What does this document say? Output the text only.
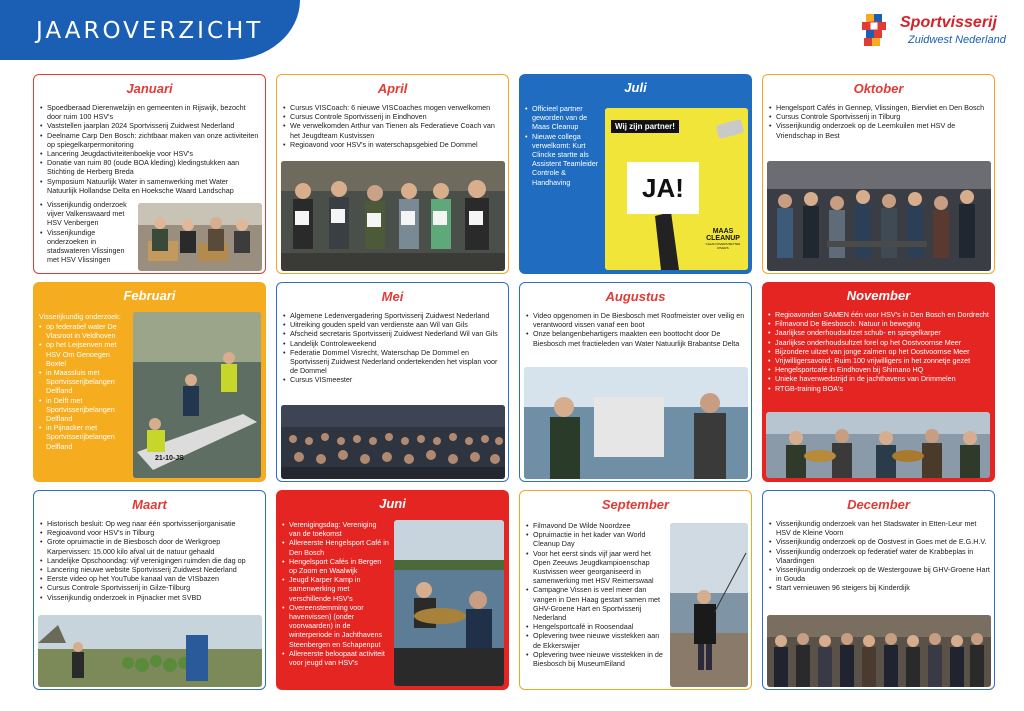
JAAROVERZICHT	Sportvisserij
Zuidwest Nederland
Januari
• Spoedberaad Dierenwelzijn en gemeenten in Rijswijk, bezocht door ruim 100 HSV's
• Vaststellen jaarplan 2024 Sportvisserij Zuidwest Nederland
• Deelname Carp Den Bosch: zichtbaar maken van onze activiteiten op spiegelkarpermonitoring
• Lancering Jeugdactiviteitenboekje voor HSV's
• Donatie van ruim 80 (oude BOA kleding) kledingstukken aan Stichting de Herberg Breda
• Symposium Natuurlijk Water in samenwerking met Water Natuurlijk Hollandse Delta en Hoeksche Waard Landschap
• Visserijkundig onderzoek vijver Valkenswaard met HSV Venbergen
• Visserijkundige onderzoeken in stadswateren Vlissingen met HSV Vlissingen
April
• Cursus VISCoach: 6 nieuwe VISCoaches mogen verwelkomen
• Cursus Controle Sportvisserij in Eindhoven
• We verwelkomden Arthur van Tienen als Federatieve Coach van het Jeugdteam Kustvissen
• Regioavond voor HSV's in waterschapsgebied De Dommel
Juli
• Officieel partner geworden van de Maas Cleanup
• Nieuwe collega verwelkomt: Kurt Clincke startte als Assistent Teamleider Controle & Handhaving
Wij zijn partner!
JA!
MAAS CLEANUP
CLEAN RIVERS BETTER RIVERS
Oktober
• Hengelsport Cafés in Gennep, Vlissingen, Biervliet en Den Bosch
• Cursus Controle Sportvisserij in Tilburg
• Visserijkundig onderzoek op de Leemkuilen met HSV de Vriendschap in Best
Februari
Visserijkundig onderzoek:
• op federatief water De Vlasroot in Veldhoven
• op het Leijsenven met HSV Om Genoegen Boxtel
• in Maassluis met Sportvisserijbelangen Delfland
• in Delft met Sportvisserijbelangen Delfland
• in Pijnacker met Sportvisserijbelangen Delfland
21-10-JS
Mei
• Algemene Ledenvergadering Sportvisserij Zuidwest Nederland
• Uitreiking gouden speld van verdienste aan Wil van Gils
• Afscheid secretaris Sportvisserij Zuidwest Nederland Wil van Gils
• Landelijk Controleweekend
• Federatie Dommel Visrecht, Waterschap De Dommel en Sportvisserij Zuidwest Nederland ondertekenden het visplan voor de Dommel
• Cursus VISmeester
Augustus
• Video opgenomen in De Biesbosch met Roofmeister over veilig en verantwoord vissen vanaf een boot
• Onze belangenbehartigers maakten een boottocht door De Biesbosch met fractieleden van Water Natuurlijk Brabantse Delta
November
• Regioavonden SAMEN één voor HSV's in Den Bosch en Dordrecht
• Filmavond De Biesbosch: Natuur in beweging
• Jaarlijkse onderhoudsultzet schub- en spiegelkarper
• Jaarlijkse onderhoudsultzet forel op het Oostvoornse Meer
• Bijzondere uitzet van jonge zalmen op het Oostvoornse Meer
• Vrijwilligersavond: Ruim 100 vrijwilligers in het zonnetje gezet
• Hengelsportcafé in Eindhoven bij Shimano HQ
• Unieke havenwedstrijd in de jachthavens van Drimmelen
• RTGB-training BOA's
Maart
• Historisch besluit: Op weg naar één sportvisserijorganisatie
• Regioavond voor HSV's in Tilburg
• Grote opruimactie in de Biesbosch door de Werkgroep Karpervissen: 15.000 kilo afval uit de natuur gehaald
• Landelijke Opschoondag: vijf verenigingen ruimden die dag op
• Lancering nieuwe website Sportvisserij Zuidwest Nederland
• Eerste video op het YouTube kanaal van de VISbazen
• Cursus Controle Sportvisserij in Gilze-Tilburg
• Visserijkundig onderzoek in Pijnacker met SVBD
Juni
• Verenigingsdag: Vereniging van de toekomst
• Allereerste Hengelsport Café in Den Bosch
• Hengelsport Cafés in Bergen op Zoom en Waalwijk
• Jeugd Karper Kamp in samenwerking met verschillende HSV's
• Overeenstemming voor havenvissen) (onder voorwaarden) in de winterperiode in Jachthavens Steenbergen en Schapenput
• Allereerste beloopaat activiteit voor jeugd van HSV's
September
• Filmavond De Wilde Noordzee
• Opruimactie in het kader van World Cleanup Day
• Voor het eerst sinds vijf jaar werd het Open Zeeuws Jeugdkampioenschap Kustvissen weer georganiseerd in samenwerking met HSV Reimerswaal
• Campagne Vissen is veel meer dan vangen in Den Haag gestart samen met GHV-Groene Hart en Sportvisserij Nederland
• Hengelsportcafé in Roosendaal
• Oplevering twee nieuwe visstekken aan de Ekkerswijer
• Oplevering twee nieuwe visstekken in de Biesbosch bij MuseumEiland
December
• Visserijkundig onderzoek van het Stadswater in Etten-Leur met HSV de Kleine Voorn
• Visserijkundig onderzoek op de Oostvest in Goes met de E.G.H.V.
• Visserijkundig onderzoek op federatief water de Krabbeplas in Vlaardingen
• Visserijkundig onderzoek op de Westergouwe bij GHV-Groene Hart in Gouda
• Start vernieuwen 96 steigers bij Kinderdijk
